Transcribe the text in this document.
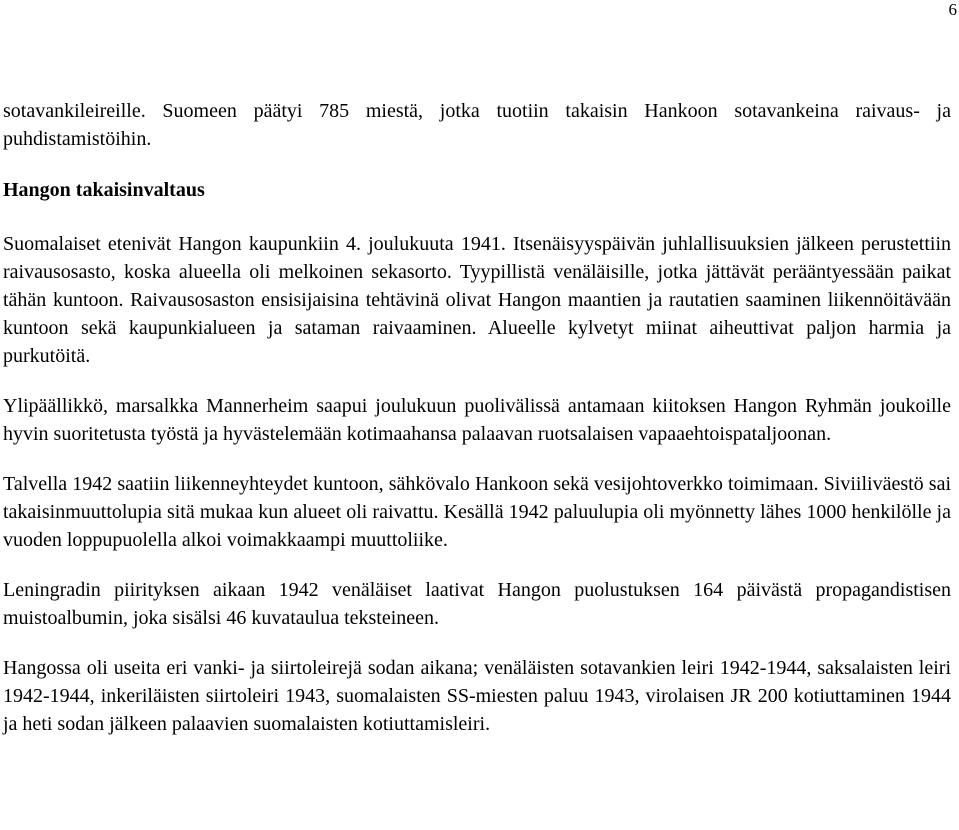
6

sotavankileireille. Suomeen päätyi 785 miestä, jotka tuotiin takaisin Hankoon sotavankeina raivaus- ja puhdistamistöihin.

Hangon takaisinvaltaus

Suomalaiset etenivät Hangon kaupunkiin 4. joulukuuta 1941. Itsenäisyyspäivän juhlallisuuksien jälkeen perustettiin raivausosasto, koska alueella oli melkoinen sekasorto. Tyypillistä venäläisille, jotka jättävät perääntyessään paikat tähän kuntoon. Raivausosaston ensisijaisina tehtävinä olivat Hangon maantien ja rautatien saaminen liikennöitävään kuntoon sekä kaupunkialueen ja sataman raivaaminen. Alueelle kylvetyt miinat aiheuttivat paljon harmia ja purkutöitä.

Ylipäällikkö, marsalkka Mannerheim saapui joulukuun puolivälissä antamaan kiitoksen Hangon Ryhmän joukoille hyvin suoritetusta työstä ja hyvästelemään kotimaahansa palaavan ruotsalaisen vapaaehtoispataljoonan.

Talvella 1942 saatiin liikenneyhteydet kuntoon, sähkövalo Hankoon sekä vesijohtoverkko toimimaan. Siviiliväestö sai takaisinmuuttolupia sitä mukaa kun alueet oli raivattu. Kesällä 1942 paluulupia oli myönnetty lähes 1000 henkilölle ja vuoden loppupuolella alkoi voimakkaampi muuttoliike.

Leningradin piirityksen aikaan 1942 venäläiset laativat Hangon puolustuksen 164 päivästä propagandistisen muistoalbumin, joka sisälsi 46 kuvataulua teksteineen.

Hangossa oli useita eri vanki- ja siirtoleirejä sodan aikana; venäläisten sotavankien leiri 1942-1944, saksalaisten leiri 1942-1944, inkeriläisten siirtoleiri 1943, suomalaisten SS-miesten paluu 1943, virolaisen JR 200 kotiuttaminen 1944 ja heti sodan jälkeen palaavien suomalaisten kotiuttamisleiri.
